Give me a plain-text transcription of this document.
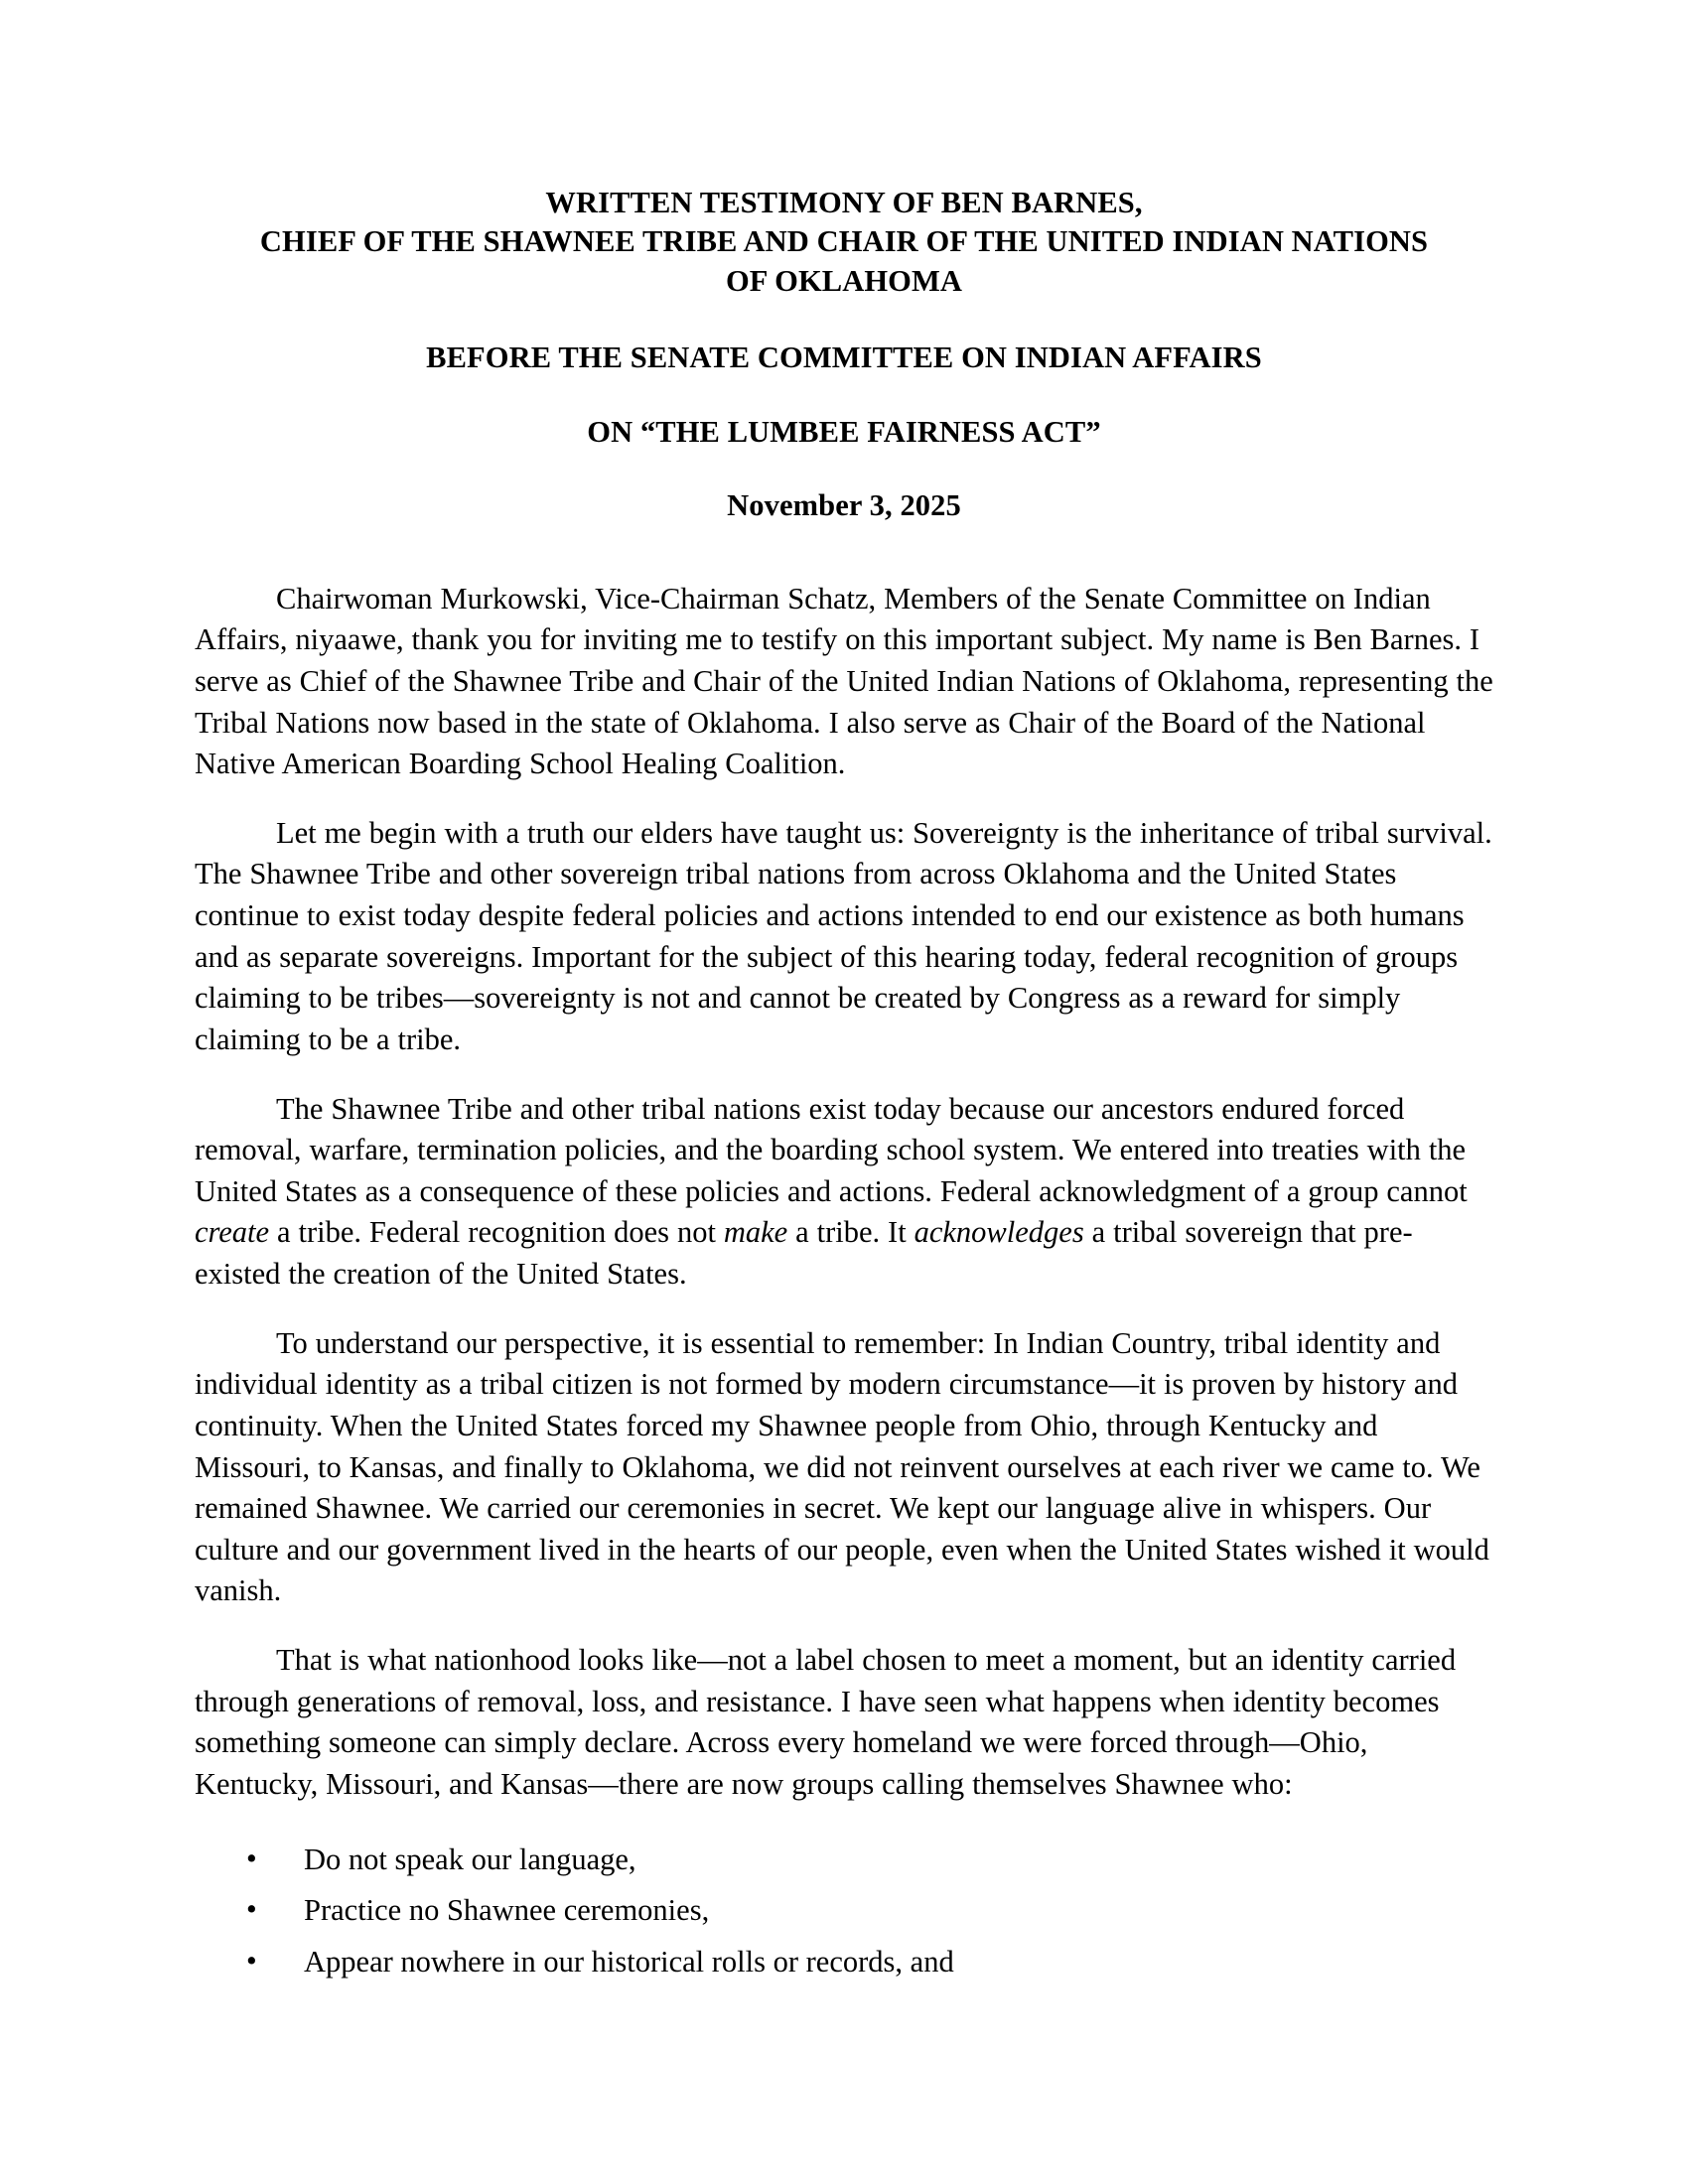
WRITTEN TESTIMONY OF BEN BARNES,
CHIEF OF THE SHAWNEE TRIBE AND CHAIR OF THE UNITED INDIAN NATIONS
OF OKLAHOMA
BEFORE THE SENATE COMMITTEE ON INDIAN AFFAIRS
ON “THE LUMBEE FAIRNESS ACT”
November 3, 2025

Chairwoman Murkowski, Vice-Chairman Schatz, Members of the Senate Committee on Indian Affairs, niyaawe, thank you for inviting me to testify on this important subject. My name is Ben Barnes. I serve as Chief of the Shawnee Tribe and Chair of the United Indian Nations of Oklahoma, representing the Tribal Nations now based in the state of Oklahoma. I also serve as Chair of the Board of the National Native American Boarding School Healing Coalition.

Let me begin with a truth our elders have taught us: Sovereignty is the inheritance of tribal survival. The Shawnee Tribe and other sovereign tribal nations from across Oklahoma and the United States continue to exist today despite federal policies and actions intended to end our existence as both humans and as separate sovereigns. Important for the subject of this hearing today, federal recognition of groups claiming to be tribes—sovereignty is not and cannot be created by Congress as a reward for simply claiming to be a tribe.

The Shawnee Tribe and other tribal nations exist today because our ancestors endured forced removal, warfare, termination policies, and the boarding school system. We entered into treaties with the United States as a consequence of these policies and actions. Federal acknowledgment of a group cannot create a tribe. Federal recognition does not make a tribe. It acknowledges a tribal sovereign that pre-existed the creation of the United States.

To understand our perspective, it is essential to remember: In Indian Country, tribal identity and individual identity as a tribal citizen is not formed by modern circumstance—it is proven by history and continuity. When the United States forced my Shawnee people from Ohio, through Kentucky and Missouri, to Kansas, and finally to Oklahoma, we did not reinvent ourselves at each river we came to. We remained Shawnee. We carried our ceremonies in secret. We kept our language alive in whispers. Our culture and our government lived in the hearts of our people, even when the United States wished it would vanish.

That is what nationhood looks like—not a label chosen to meet a moment, but an identity carried through generations of removal, loss, and resistance. I have seen what happens when identity becomes something someone can simply declare. Across every homeland we were forced through—Ohio, Kentucky, Missouri, and Kansas—there are now groups calling themselves Shawnee who:

• Do not speak our language,
• Practice no Shawnee ceremonies,
• Appear nowhere in our historical rolls or records, and
